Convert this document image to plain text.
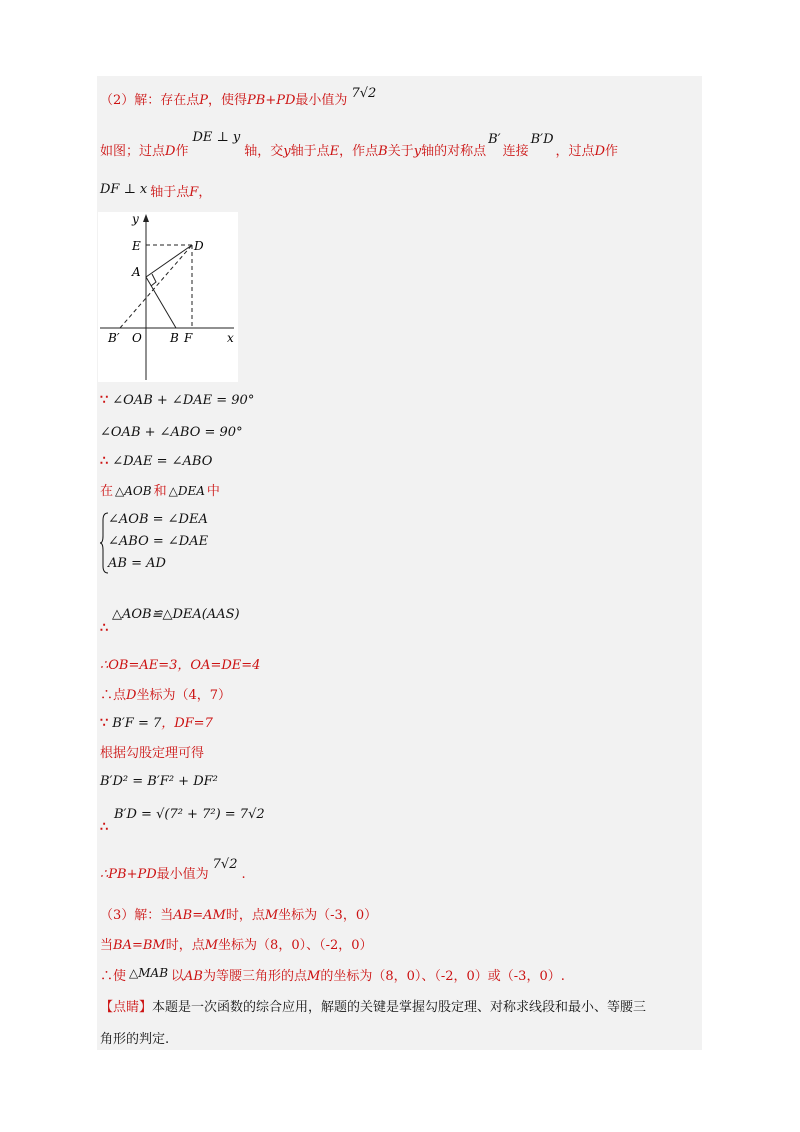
（2）解：存在点P，使得PB+PD最小值为 7√2
如图；过点D作DE ⊥ y轴，交y轴于点E，作点B关于y轴的对称点B′连接B′D，过点D作
DF ⊥ x 轴于点F，
y
E	D
A
B′ O B F	x
∵ ∠OAB + ∠DAE = 90°
∠OAB + ∠ABO = 90°
∴ ∠DAE = ∠ABO
在 △AOB 和 △DEA 中
∠AOB = ∠DEA
∠ABO = ∠DAE
AB = AD
△AOB≌△DEA(AAS)
∴
∴OB=AE=3，OA=DE=4
∴点D坐标为（4，7）
∵ B′F = 7，DF=7
根据勾股定理可得
B′D² = B′F² + DF²
B′D = √(7² + 7²) = 7√2
∴
∴PB+PD最小值为7√2.
（3）解：当AB=AM时，点M坐标为（-3，0）
当BA=BM时，点M坐标为（8，0）、（-2，0）
∴使 △MAB 以AB为等腰三角形的点M的坐标为（8，0）、（-2，0）或（-3，0）.
【点睛】本题是一次函数的综合应用，解题的关键是掌握勾股定理、对称求线段和最小、等腰三
角形的判定.
